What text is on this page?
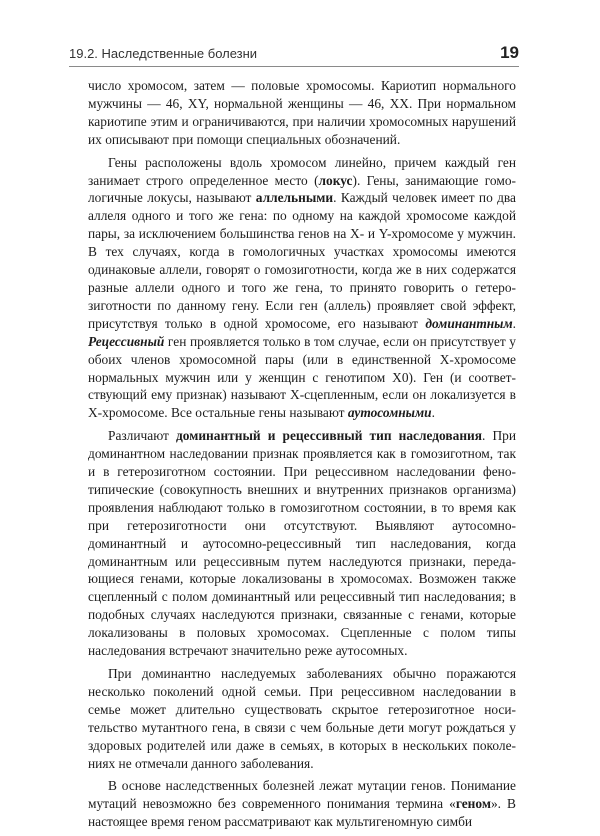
19.2. Наследственные болезни	19

число хромосом, затем — половые хромосомы. Кариотип нормального мужчины — 46, XY, нормальной женщины — 46, XX. При нормальном кариотипе этим и ограничиваются, при наличии хромосомных нарушений их описывают при помощи специальных обозначений.

Гены расположены вдоль хромосом линейно, причем каждый ген занимает строго определенное место (локус). Гены, занимающие гомологичные локусы, называют аллельными. Каждый человек имеет по два аллеля одного и того же гена: по одному на каждой хромосоме каждой пары, за исключением большинства генов на X- и Y-хромосоме у мужчин. В тех случаях, когда в гомологичных участках хромосомы имеются одинаковые аллели, говорят о гомозиготности, когда же в них содержатся разные аллели одного и того же гена, то принято говорить о гетерозиготности по данному гену. Если ген (аллель) проявляет свой эффект, присутствуя только в одной хромосоме, его называют доминантным. Рецессивный ген проявляется только в том случае, если он присутствует у обоих членов хромосомной пары (или в единственной X-хромосоме нормальных мужчин или у женщин с генотипом X0). Ген (и соответствующий ему признак) называют X-сцепленным, если он локализуется в X-хромосоме. Все остальные гены называют аутосомными.

Различают доминантный и рецессивный тип наследования. При доминантном наследовании признак проявляется как в гомозиготном, так и в гетерозиготном состоянии. При рецессивном наследовании фенотипические (совокупность внешних и внутренних признаков организма) проявления наблюдают только в гомозиготном состоянии, в то время как при гетерозиготности они отсутствуют. Выявляют аутосомно-доминантный и аутосомно-рецессивный тип наследования, когда доминантным или рецессивным путем наследуются признаки, передающиеся генами, которые локализованы в хромосомах. Возможен также сцепленный с полом доминантный или рецессивный тип наследования; в подобных случаях наследуются признаки, связанные с генами, которые локализованы в половых хромосомах. Сцепленные с полом типы наследования встречают значительно реже аутосомных.

При доминантно наследуемых заболеваниях обычно поражаются несколько поколений одной семьи. При рецессивном наследовании в семье может длительно существовать скрытое гетерозиготное носительство мутантного гена, в связи с чем больные дети могут рождаться у здоровых родителей или даже в семьях, в которых в нескольких поколениях не отмечали данного заболевания.

В основе наследственных болезней лежат мутации генов. Понимание мутаций невозможно без современного понимания термина «геном». В настоящее время геном рассматривают как мультигеномную симби
